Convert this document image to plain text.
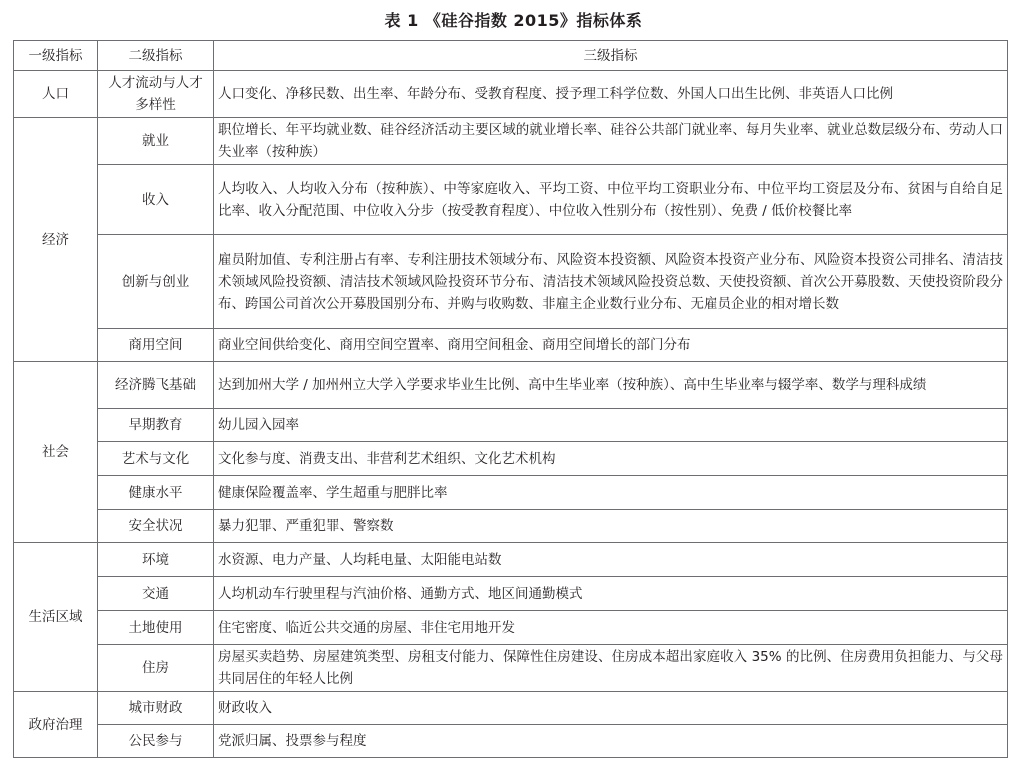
表 1 《硅谷指数 2015》指标体系
一级指标	二级指标	三级指标
人口	人才流动与人才多样性	人口变化、净移民数、出生率、年龄分布、受教育程度、授予理工科学位数、外国人口出生比例、非英语人口比例
经济	就业	职位增长、年平均就业数、硅谷经济活动主要区域的就业增长率、硅谷公共部门就业率、每月失业率、就业总数层级分布、劳动人口失业率（按种族）
	收入	人均收入、人均收入分布（按种族）、中等家庭收入、平均工资、中位平均工资职业分布、中位平均工资层及分布、贫困与自给自足比率、收入分配范围、中位收入分步（按受教育程度）、中位收入性别分布（按性别）、免费 / 低价校餐比率
	创新与创业	雇员附加值、专利注册占有率、专利注册技术领域分布、风险资本投资额、风险资本投资产业分布、风险资本投资公司排名、清洁技术领域风险投资额、清洁技术领域风险投资环节分布、清洁技术领域风险投资总数、天使投资额、首次公开募股数、天使投资阶段分布、跨国公司首次公开募股国别分布、并购与收购数、非雇主企业数行业分布、无雇员企业的相对增长数
	商用空间	商业空间供给变化、商用空间空置率、商用空间租金、商用空间增长的部门分布
社会	经济腾飞基础	达到加州大学 / 加州州立大学入学要求毕业生比例、高中生毕业率（按种族）、高中生毕业率与辍学率、数学与理科成绩
	早期教育	幼儿园入园率
	艺术与文化	文化参与度、消费支出、非营利艺术组织、文化艺术机构
	健康水平	健康保险覆盖率、学生超重与肥胖比率
	安全状况	暴力犯罪、严重犯罪、警察数
生活区域	环境	水资源、电力产量、人均耗电量、太阳能电站数
	交通	人均机动车行驶里程与汽油价格、通勤方式、地区间通勤模式
	土地使用	住宅密度、临近公共交通的房屋、非住宅用地开发
	住房	房屋买卖趋势、房屋建筑类型、房租支付能力、保障性住房建设、住房成本超出家庭收入 35% 的比例、住房费用负担能力、与父母共同居住的年轻人比例
政府治理	城市财政	财政收入
	公民参与	党派归属、投票参与程度
